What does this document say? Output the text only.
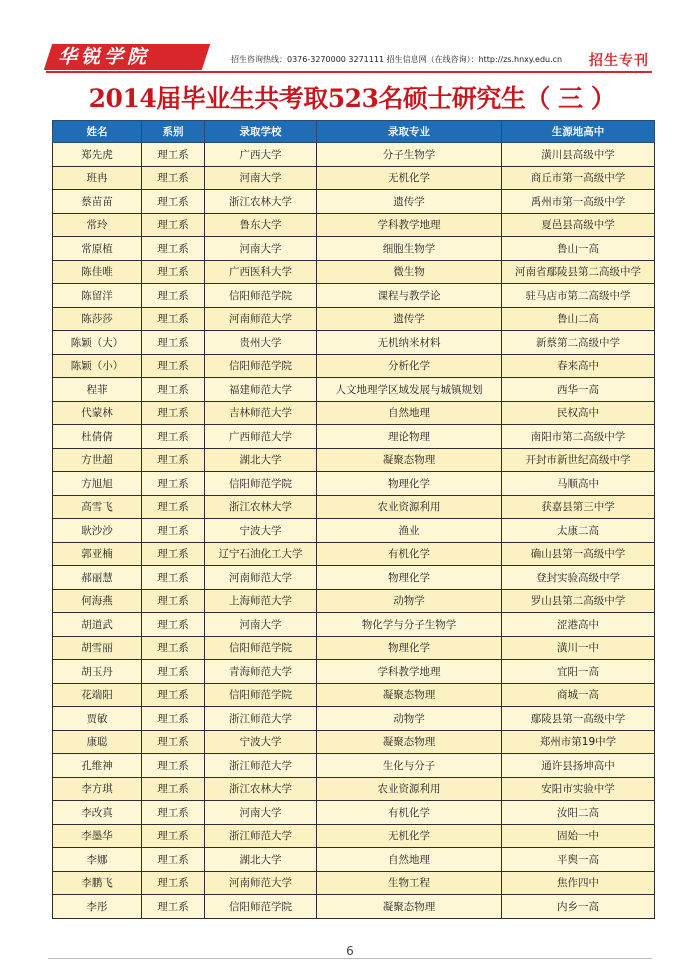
华锐学院	招生咨询热线：0376-3270000 3271111 招生信息网（在线咨询）：http://zs.hnxy.edu.cn	招生专刊
2014届毕业生共考取523名硕士研究生（ 三 ）
姓名	系别	录取学校	录取专业	生源地高中
郑先虎	理工系	广西大学	分子生物学	潢川县高级中学
班冉	理工系	河南大学	无机化学	商丘市第一高级中学
蔡苗苗	理工系	浙江农林大学	遗传学	禹州市第一高级中学
常玲	理工系	鲁东大学	学科教学地理	夏邑县高级中学
常原植	理工系	河南大学	细胞生物学	鲁山一高
陈佳唯	理工系	广西医科大学	微生物	河南省鄢陵县第二高级中学
陈留洋	理工系	信阳师范学院	课程与教学论	驻马店市第二高级中学
陈莎莎	理工系	河南师范大学	遗传学	鲁山二高
陈颖（大）	理工系	贵州大学	无机纳米材料	新蔡第二高级中学
陈颖（小）	理工系	信阳师范学院	分析化学	春来高中
程菲	理工系	福建师范大学	人文地理学区域发展与城镇规划	西华一高
代蒙林	理工系	吉林师范大学	自然地理	民权高中
杜倩倩	理工系	广西师范大学	理论物理	南阳市第二高级中学
方世超	理工系	湖北大学	凝聚态物理	开封市新世纪高级中学
方旭旭	理工系	信阳师范学院	物理化学	马顺高中
高雪飞	理工系	浙江农林大学	农业资源利用	获嘉县第三中学
耿沙沙	理工系	宁波大学	渔业	太康二高
郭亚楠	理工系	辽宁石油化工大学	有机化学	确山县第一高级中学
郝丽慧	理工系	河南师范大学	物理化学	登封实验高级中学
何海燕	理工系	上海师范大学	动物学	罗山县第二高级中学
胡道武	理工系	河南大学	物化学与分子生物学	涩港高中
胡雪丽	理工系	信阳师范学院	物理化学	潢川一中
胡玉丹	理工系	青海师范大学	学科教学地理	宜阳一高
花端阳	理工系	信阳师范学院	凝聚态物理	商城一高
贾敏	理工系	浙江师范大学	动物学	鄢陵县第一高级中学
康聪	理工系	宁波大学	凝聚态物理	郑州市第19中学
孔维神	理工系	浙江师范大学	生化与分子	通许县扬坤高中
李方琪	理工系	浙江农林大学	农业资源利用	安阳市实验中学
李改真	理工系	河南大学	有机化学	汝阳二高
李墨华	理工系	浙江师范大学	无机化学	固始一中
李娜	理工系	湖北大学	自然地理	平舆一高
李鹏飞	理工系	河南师范大学	生物工程	焦作四中
李彤	理工系	信阳师范学院	凝聚态物理	内乡一高
6
